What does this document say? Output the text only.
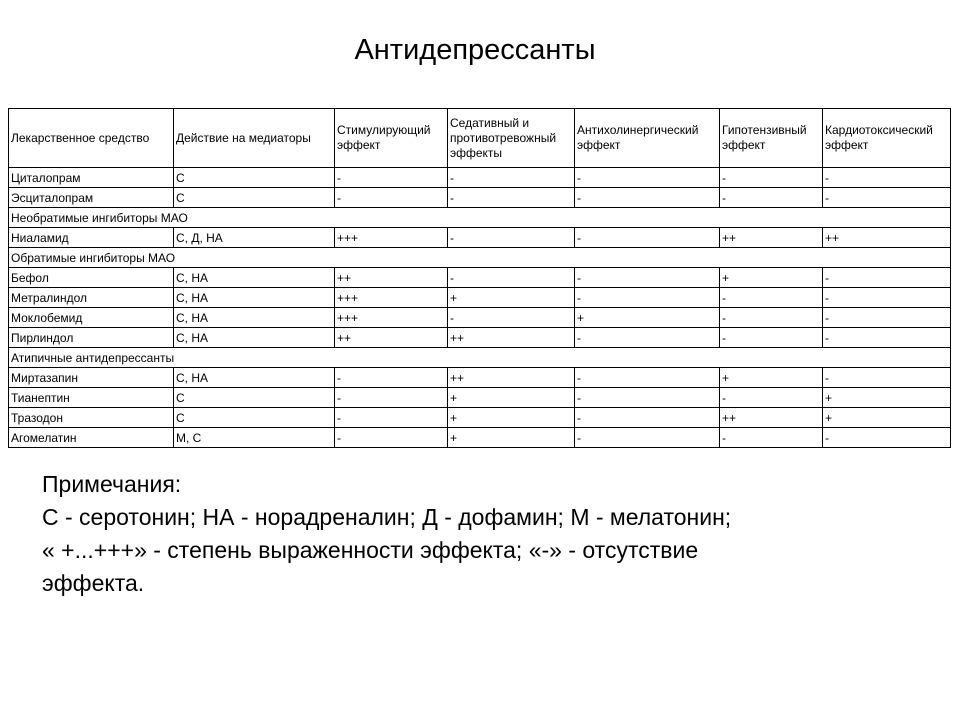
Антидепрессанты
Лекарственное средство	Действие на медиаторы	Стимулирующий эффект	Седативный и противотревожный эффекты	Антихолинергический эффект	Гипотензивный эффект	Кардиотоксический эффект
Циталопрам	С	-	-	-	-	-
Эсциталопрам	С	-	-	-	-	-
Необратимые ингибиторы МАО						
Ниаламид	С, Д, НА	+++	-	-	++	++
Обратимые ингибиторы МАО						
Бефол	С, НА	++	-	-	+	-
Метралиндол	С, НА	+++	+	-	-	-
Моклобемид	С, НА	+++	-	+	-	-
Пирлиндол	С, НА	++	++	-	-	-
Атипичные антидепрессанты						
Миртазапин	С, НА	-	++	-	+	-
Тианептин	С	-	+	-	-	+
Тразодон	С	-	+	-	++	+
Агомелатин	М, С	-	+	-	-	-
Примечания:
С - серотонин; НА - норадреналин; Д - дофамин; М - мелатонин;
« +...+++» - степень выраженности эффекта; «-» - отсутствие
эффекта.
